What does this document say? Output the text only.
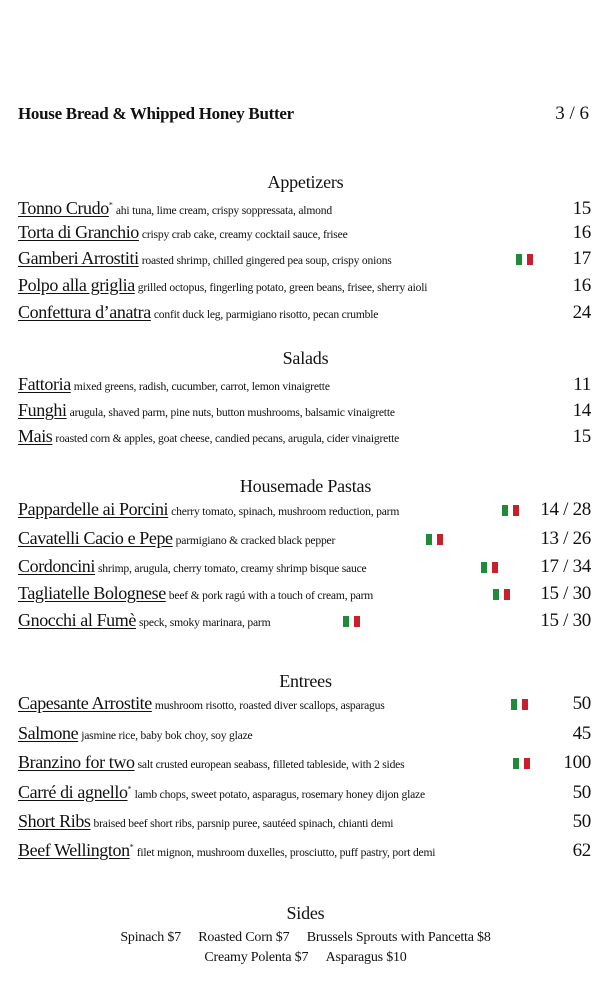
House Bread & Whipped Honey Butter	3 / 6
Appetizers
Tonno Crudo* ahi tuna, lime cream, crispy soppressata, almond	15
Torta di Granchio crispy crab cake, creamy cocktail sauce, frisee	16
Gamberi Arrostiti roasted shrimp, chilled gingered pea soup, crispy onions	17
Polpo alla griglia grilled octopus, fingerling potato, green beans, frisee, sherry aioli	16
Confettura d’anatra confit duck leg, parmigiano risotto, pecan crumble	24
Salads
Fattoria mixed greens, radish, cucumber, carrot, lemon vinaigrette	11
Funghi arugula, shaved parm, pine nuts, button mushrooms, balsamic vinaigrette	14
Mais roasted corn & apples, goat cheese, candied pecans, arugula, cider vinaigrette	15
Housemade Pastas
Pappardelle ai Porcini cherry tomato, spinach, mushroom reduction, parm	14 / 28
Cavatelli Cacio e Pepe parmigiano & cracked black pepper	13 / 26
Cordoncini shrimp, arugula, cherry tomato, creamy shrimp bisque sauce	17 / 34
Tagliatelle Bolognese beef & pork ragú with a touch of cream, parm	15 / 30
Gnocchi al Fumè speck, smoky marinara, parm	15 / 30
Entrees
Capesante Arrostite mushroom risotto, roasted diver scallops, asparagus	50
Salmone jasmine rice, baby bok choy, soy glaze	45
Branzino for two salt crusted european seabass, filleted tableside, with 2 sides	100
Carré di agnello* lamb chops, sweet potato, asparagus, rosemary honey dijon glaze	50
Short Ribs braised beef short ribs, parsnip puree, sautéed spinach, chianti demi	50
Beef Wellington* filet mignon, mushroom duxelles, prosciutto, puff pastry, port demi	62
Sides
Spinach $7 Roasted Corn $7 Brussels Sprouts with Pancetta $8
Creamy Polenta $7 Asparagus $10
